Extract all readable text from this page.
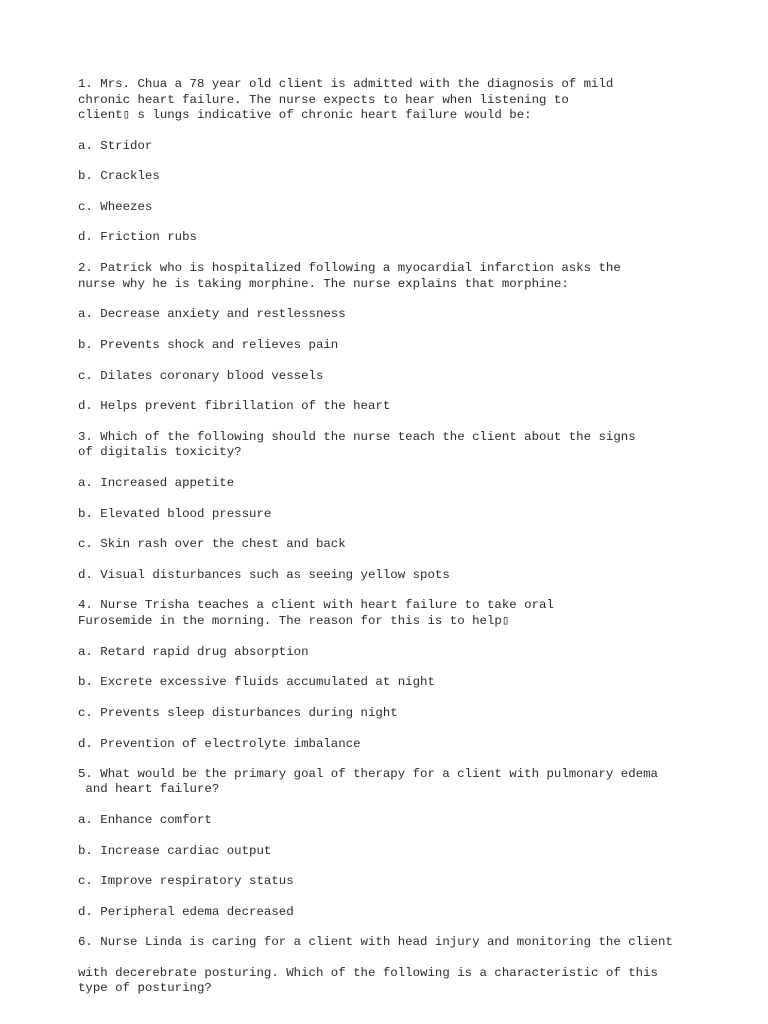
1. Mrs. Chua a 78 year old client is admitted with the diagnosis of mild

chronic heart failure. The nurse expects to hear when listening to

client▯ s lungs indicative of chronic heart failure would be:

a. Stridor

b. Crackles

c. Wheezes

d. Friction rubs

2. Patrick who is hospitalized following a myocardial infarction asks the

nurse why he is taking morphine. The nurse explains that morphine:

a. Decrease anxiety and restlessness

b. Prevents shock and relieves pain

c. Dilates coronary blood vessels

d. Helps prevent fibrillation of the heart

3. Which of the following should the nurse teach the client about the signs

of digitalis toxicity?

a. Increased appetite

b. Elevated blood pressure

c. Skin rash over the chest and back

d. Visual disturbances such as seeing yellow spots

4. Nurse Trisha teaches a client with heart failure to take oral

Furosemide in the morning. The reason for this is to help▯

a. Retard rapid drug absorption

b. Excrete excessive fluids accumulated at night

c. Prevents sleep disturbances during night

d. Prevention of electrolyte imbalance

5. What would be the primary goal of therapy for a client with pulmonary edema

and heart failure?

a. Enhance comfort

b. Increase cardiac output

c. Improve respiratory status

d. Peripheral edema decreased

6. Nurse Linda is caring for a client with head injury and monitoring the client

with decerebrate posturing. Which of the following is a characteristic of this

type of posturing?
